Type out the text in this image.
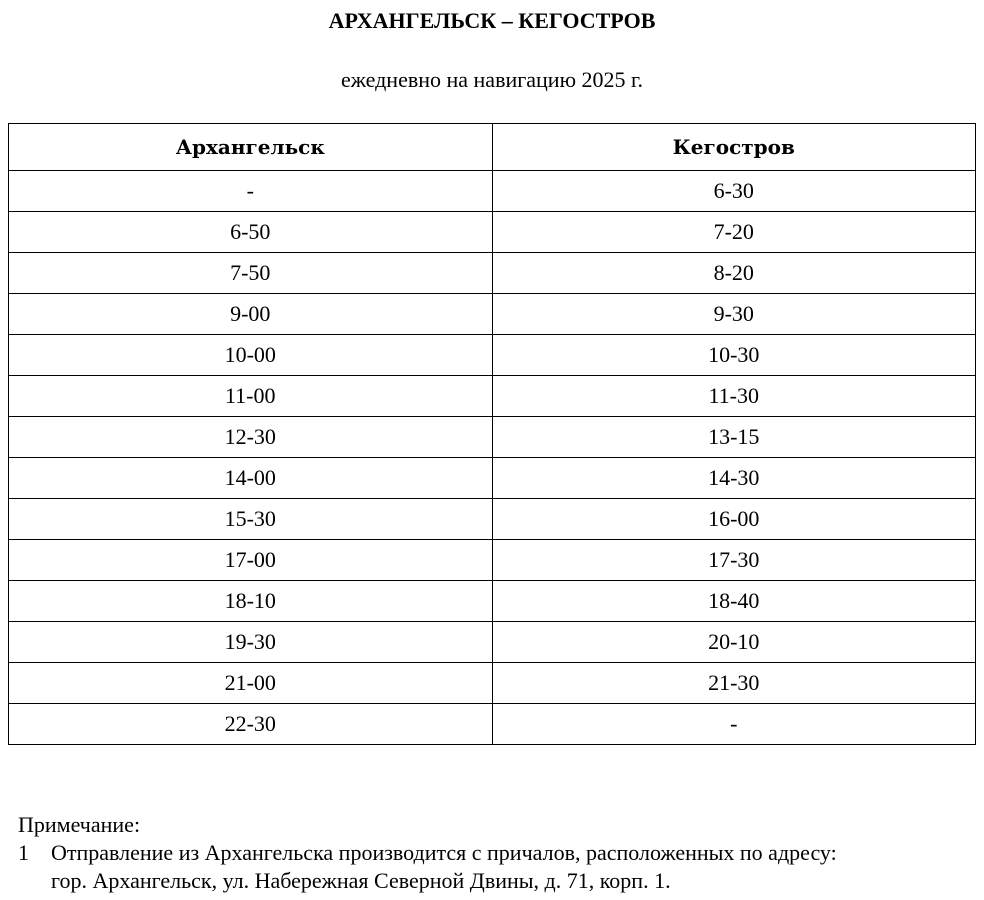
АРХАНГЕЛЬСК – КЕГОСТРОВ
ежедневно на навигацию 2025 г.
Архангельск	Кегостров
-	6-30
6-50	7-20
7-50	8-20
9-00	9-30
10-00	10-30
11-00	11-30
12-30	13-15
14-00	14-30
15-30	16-00
17-00	17-30
18-10	18-40
19-30	20-10
21-00	21-30
22-30	-
Примечание:
1	Отправление из Архангельска производится с причалов, расположенных по адресу:
гор. Архангельск, ул. Набережная Северной Двины, д. 71, корп. 1.
